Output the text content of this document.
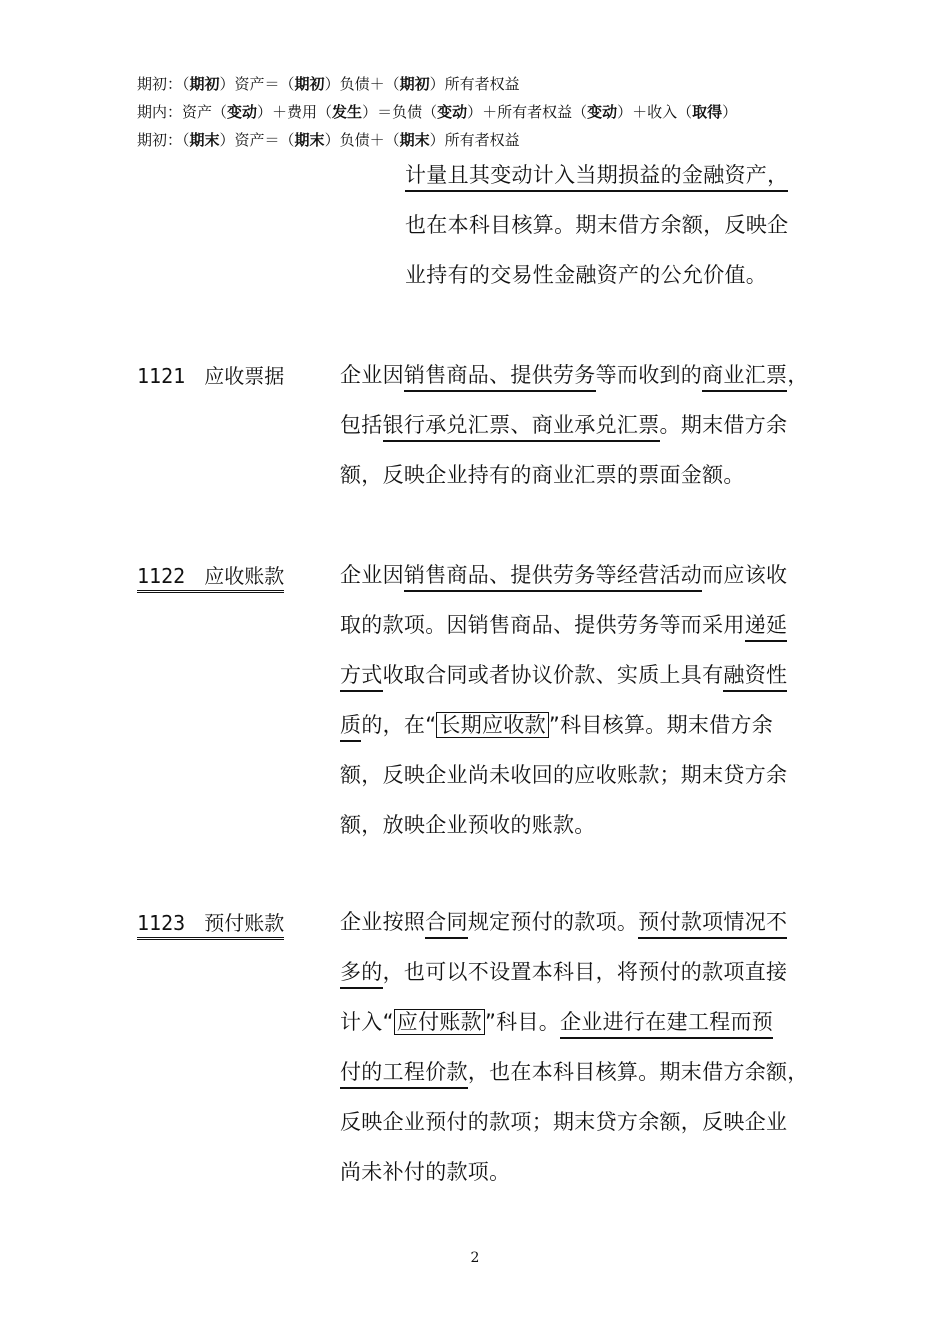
期初：（期初）资产＝（期初）负债＋（期初）所有者权益
期内：资产（变动）＋费用（发生）＝负债（变动）＋所有者权益（变动）＋收入（取得）
期初：（期末）资产＝（期末）负债＋（期末）所有者权益
计量且其变动计入当期损益的金融资产，
也在本科目核算。期末借方余额，反映企
业持有的交易性金融资产的公允价值。
1121 应收票据	企业因销售商品、提供劳务等而收到的商业汇票，
包括银行承兑汇票、商业承兑汇票。期末借方余
额，反映企业持有的商业汇票的票面金额。
1122 应收账款	企业因销售商品、提供劳务等经营活动而应该收
取的款项。因销售商品、提供劳务等而采用递延
方式收取合同或者协议价款、实质上具有融资性
质的，在“ 长期应收款 ”科目核算。期末借方余
额，反映企业尚未收回的应收账款；期末贷方余
额，放映企业预收的账款。
1123 预付账款	企业按照合同规定预付的款项。预付款项情况不
多的，也可以不设置本科目，将预付的款项直接
计入“ 应付账款 ”科目。企业进行在建工程而预
付的工程价款，也在本科目核算。期末借方余额，
反映企业预付的款项；期末贷方余额，反映企业
尚未补付的款项。
2
